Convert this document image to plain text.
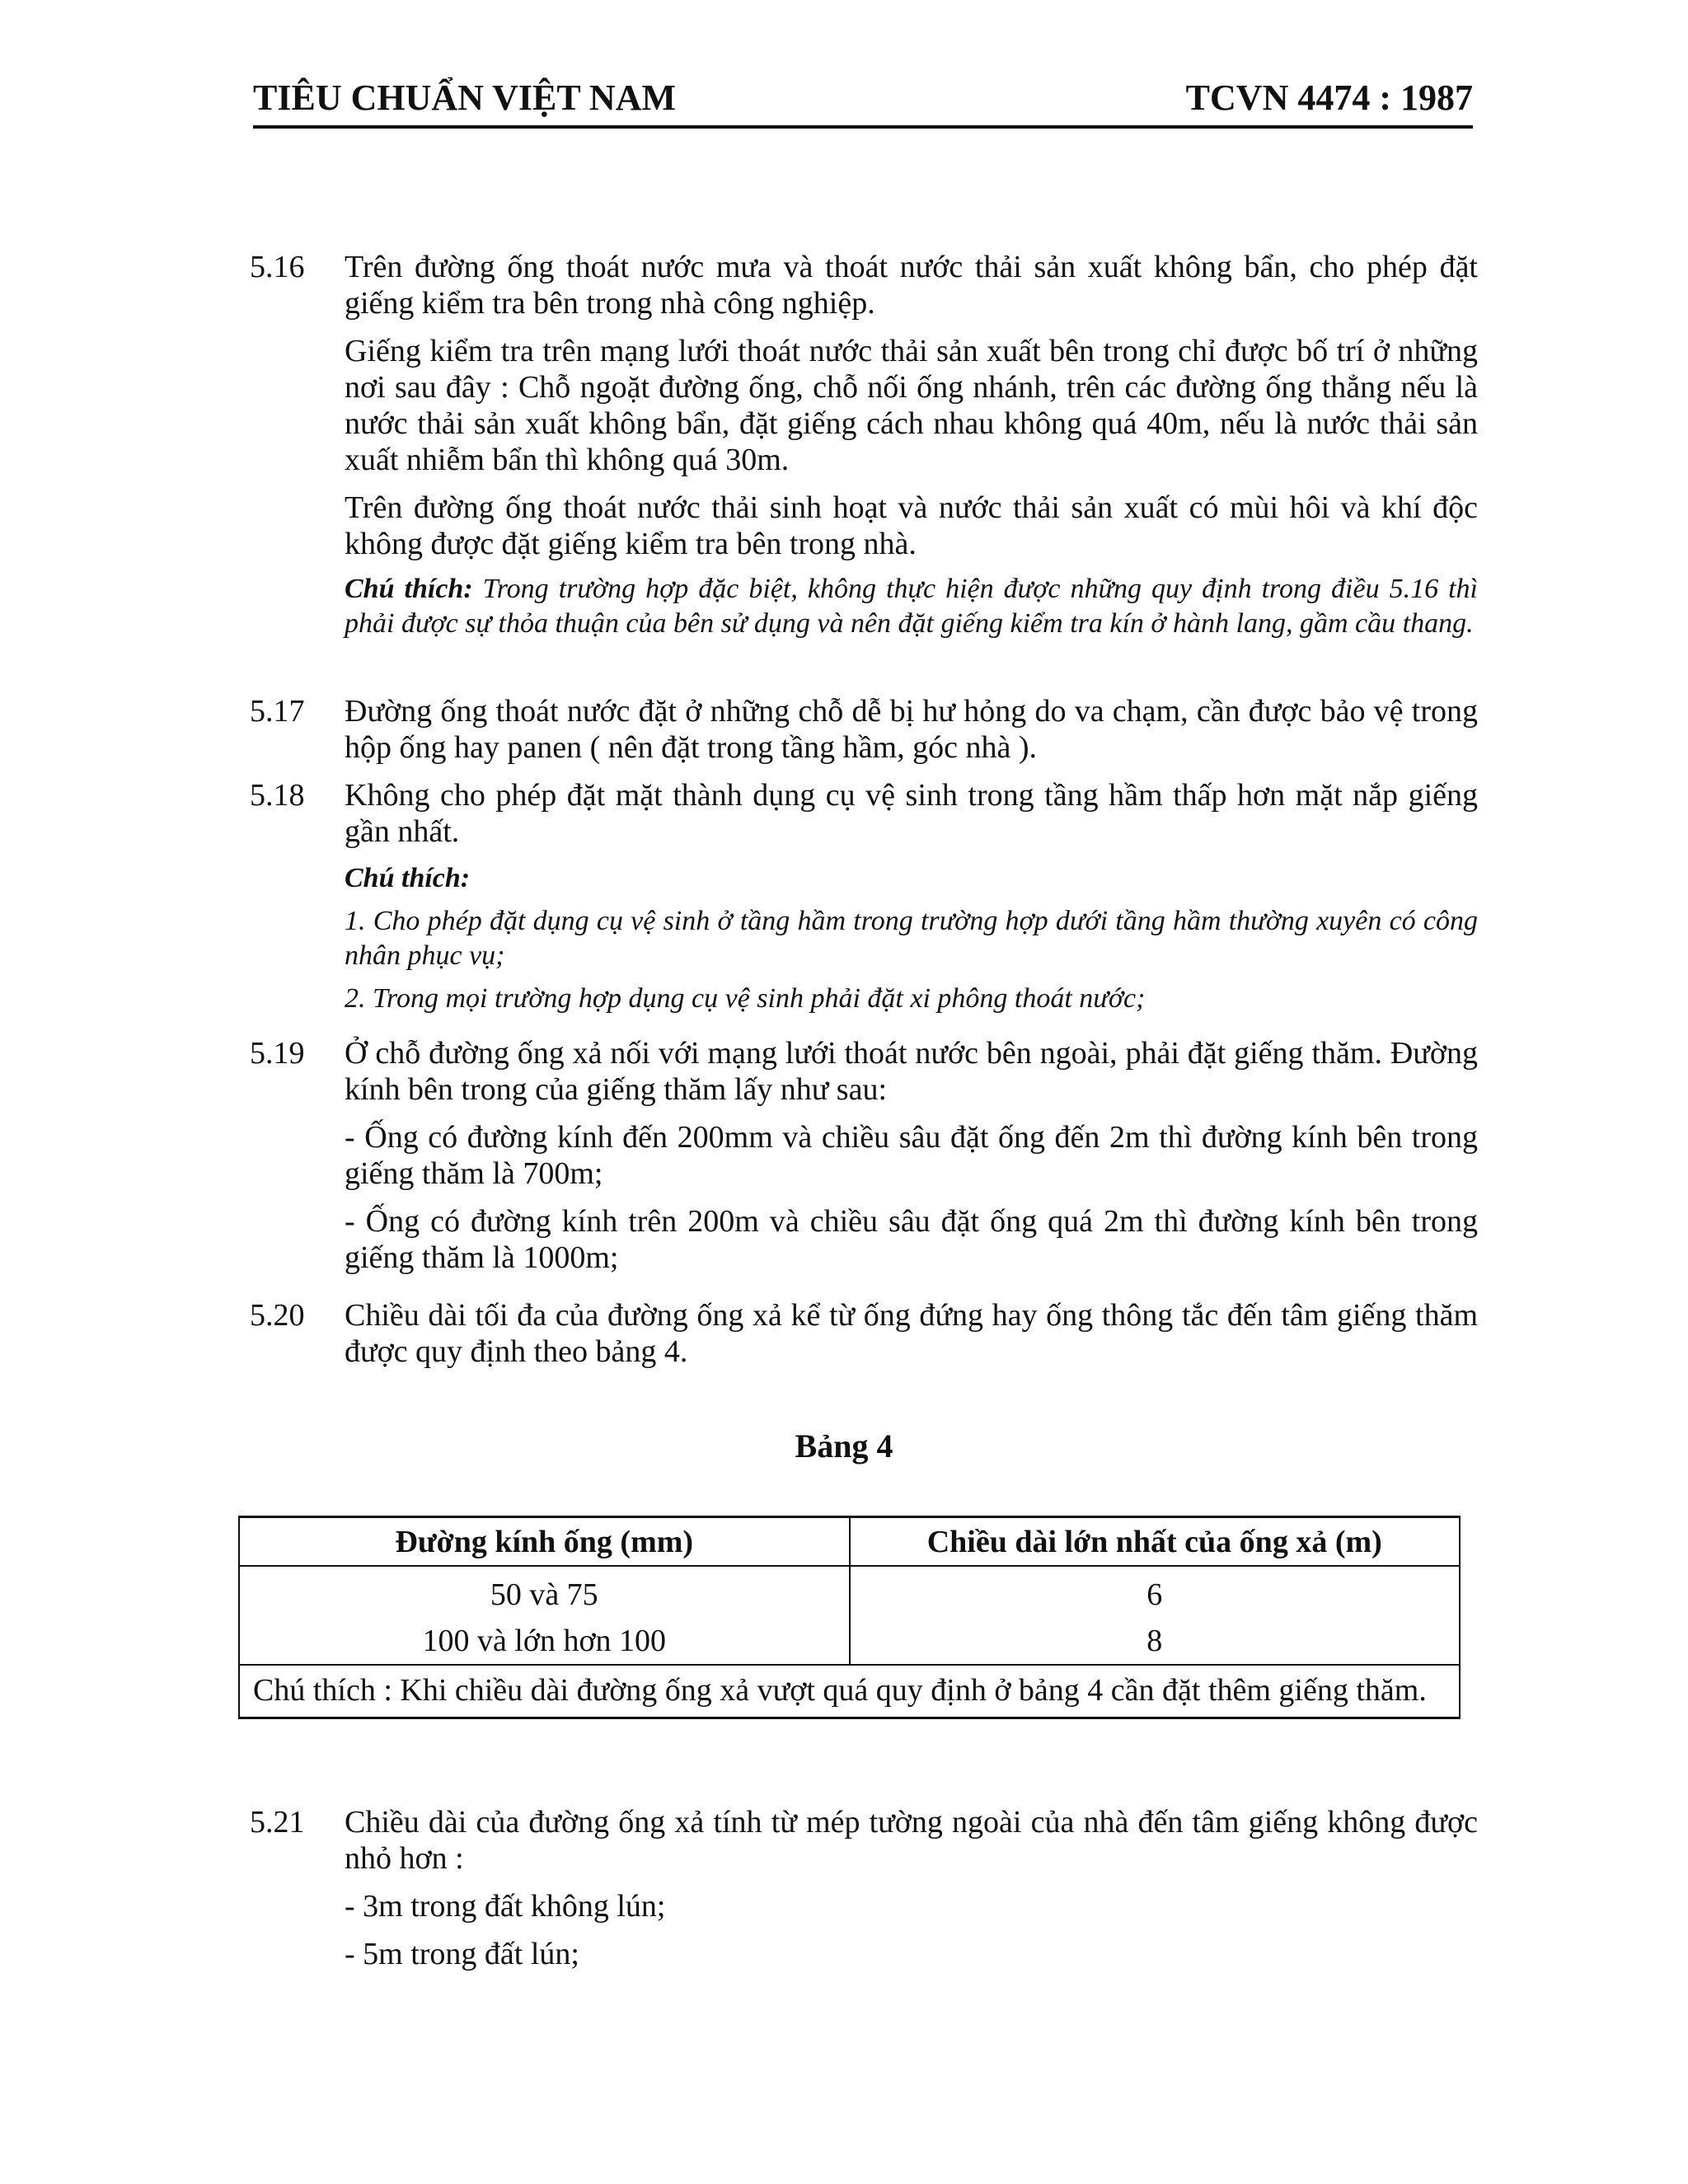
TIÊU CHUẨN VIỆT NAM	TCVN 4474 : 1987
5.16 Trên đường ống thoát nước mưa và thoát nước thải sản xuất không bẩn, cho phép đặt giếng kiểm tra bên trong nhà công nghiệp.

Giếng kiểm tra trên mạng lưới thoát nước thải sản xuất bên trong chỉ được bố trí ở những nơi sau đây : Chỗ ngoặt đường ống, chỗ nối ống nhánh, trên các đường ống thẳng nếu là nước thải sản xuất không bẩn, đặt giếng cách nhau không quá 40m, nếu là nước thải sản xuất nhiễm bẩn thì không quá 30m.

Trên đường ống thoát nước thải sinh hoạt và nước thải sản xuất có mùi hôi và khí độc không được đặt giếng kiểm tra bên trong nhà.

Chú thích: Trong trường hợp đặc biệt, không thực hiện được những quy định trong điều 5.16 thì phải được sự thỏa thuận của bên sử dụng và nên đặt giếng kiểm tra kín ở hành lang, gầm cầu thang.

5.17 Đường ống thoát nước đặt ở những chỗ dễ bị hư hỏng do va chạm, cần được bảo vệ trong hộp ống hay panen ( nên đặt trong tầng hầm, góc nhà ).

5.18 Không cho phép đặt mặt thành dụng cụ vệ sinh trong tầng hầm thấp hơn mặt nắp giếng gần nhất.

Chú thích:

1. Cho phép đặt dụng cụ vệ sinh ở tầng hầm trong trường hợp dưới tầng hầm thường xuyên có công nhân phục vụ;

2. Trong mọi trường hợp dụng cụ vệ sinh phải đặt xi phông thoát nước;

5.19 Ở chỗ đường ống xả nối với mạng lưới thoát nước bên ngoài, phải đặt giếng thăm. Đường kính bên trong của giếng thăm lấy như sau:

- Ống có đường kính đến 200mm và chiều sâu đặt ống đến 2m thì đường kính bên trong giếng thăm là 700m;

- Ống có đường kính trên 200m và chiều sâu đặt ống quá 2m thì đường kính bên trong giếng thăm là 1000m;

5.20 Chiều dài tối đa của đường ống xả kể từ ống đứng hay ống thông tắc đến tâm giếng thăm được quy định theo bảng 4.

Bảng 4
Đường kính ống (mm)	Chiều dài lớn nhất của ống xả (m)
50 và 75	6
100 và lớn hơn 100	8
Chú thích : Khi chiều dài đường ống xả vượt quá quy định ở bảng 4 cần đặt thêm giếng thăm.	
5.21 Chiều dài của đường ống xả tính từ mép tường ngoài của nhà đến tâm giếng không được nhỏ hơn :

- 3m trong đất không lún;

- 5m trong đất lún;
